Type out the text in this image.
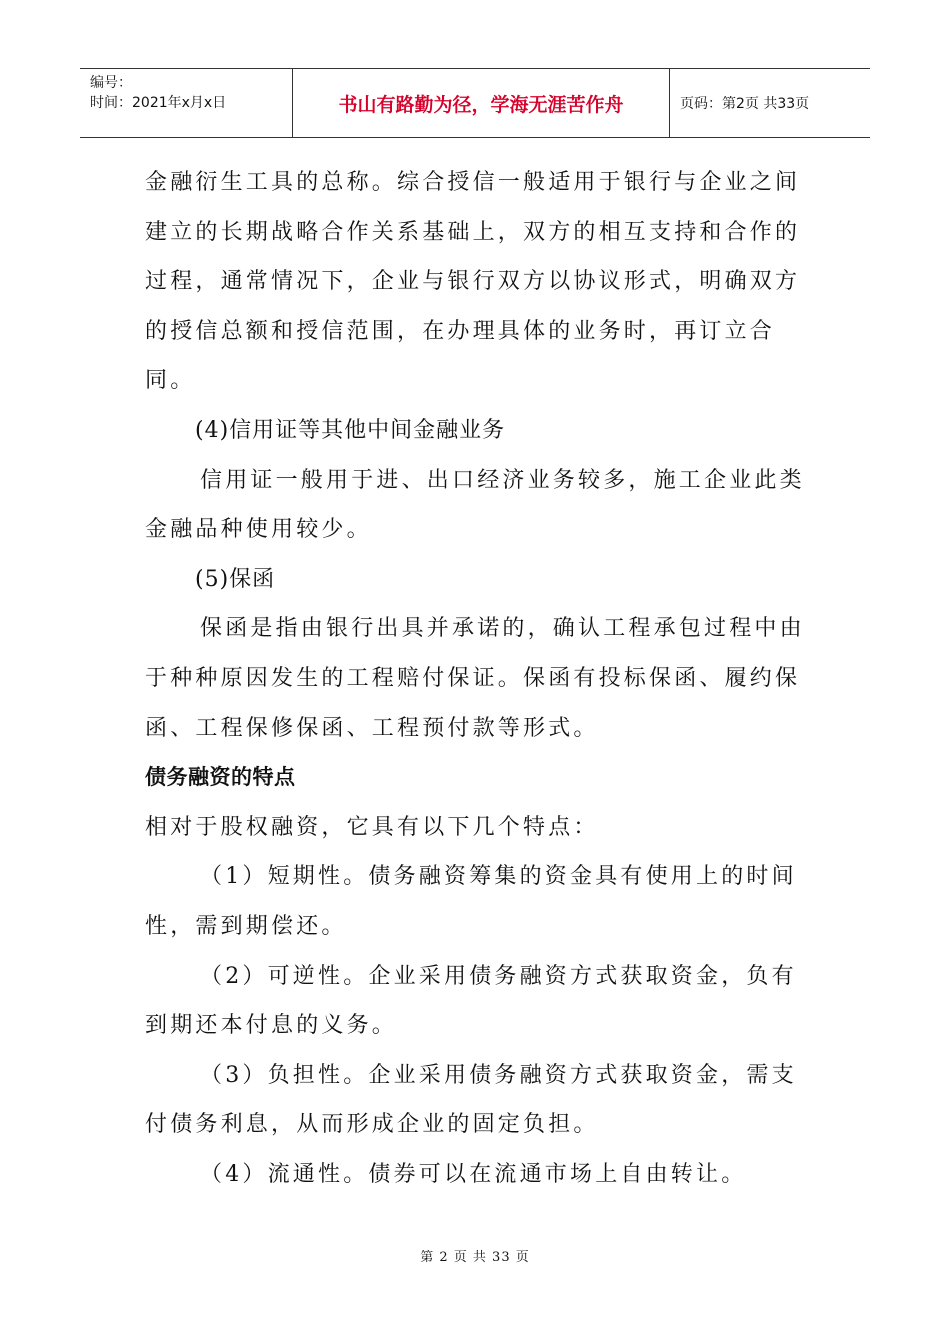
编号：
时间：2021年x月x日	书山有路勤为径，学海无涯苦作舟	页码：第2页 共33页

金融衍生工具的总称。综合授信一般适用于银行与企业之间建立的长期战略合作关系基础上，双方的相互支持和合作的过程，通常情况下，企业与银行双方以协议形式，明确双方的授信总额和授信范围，在办理具体的业务时，再订立合同。

(4)信用证等其他中间金融业务

信用证一般用于进、出口经济业务较多，施工企业此类金融品种使用较少。

(5)保函

保函是指由银行出具并承诺的，确认工程承包过程中由于种种原因发生的工程赔付保证。保函有投标保函、履约保函、工程保修保函、工程预付款等形式。

债务融资的特点

相对于股权融资，它具有以下几个特点：

（1）短期性。债务融资筹集的资金具有使用上的时间性，需到期偿还。

（2）可逆性。企业采用债务融资方式获取资金，负有到期还本付息的义务。

（3）负担性。企业采用债务融资方式获取资金，需支付债务利息，从而形成企业的固定负担。

（4）流通性。债券可以在流通市场上自由转让。

第 2 页 共 33 页
